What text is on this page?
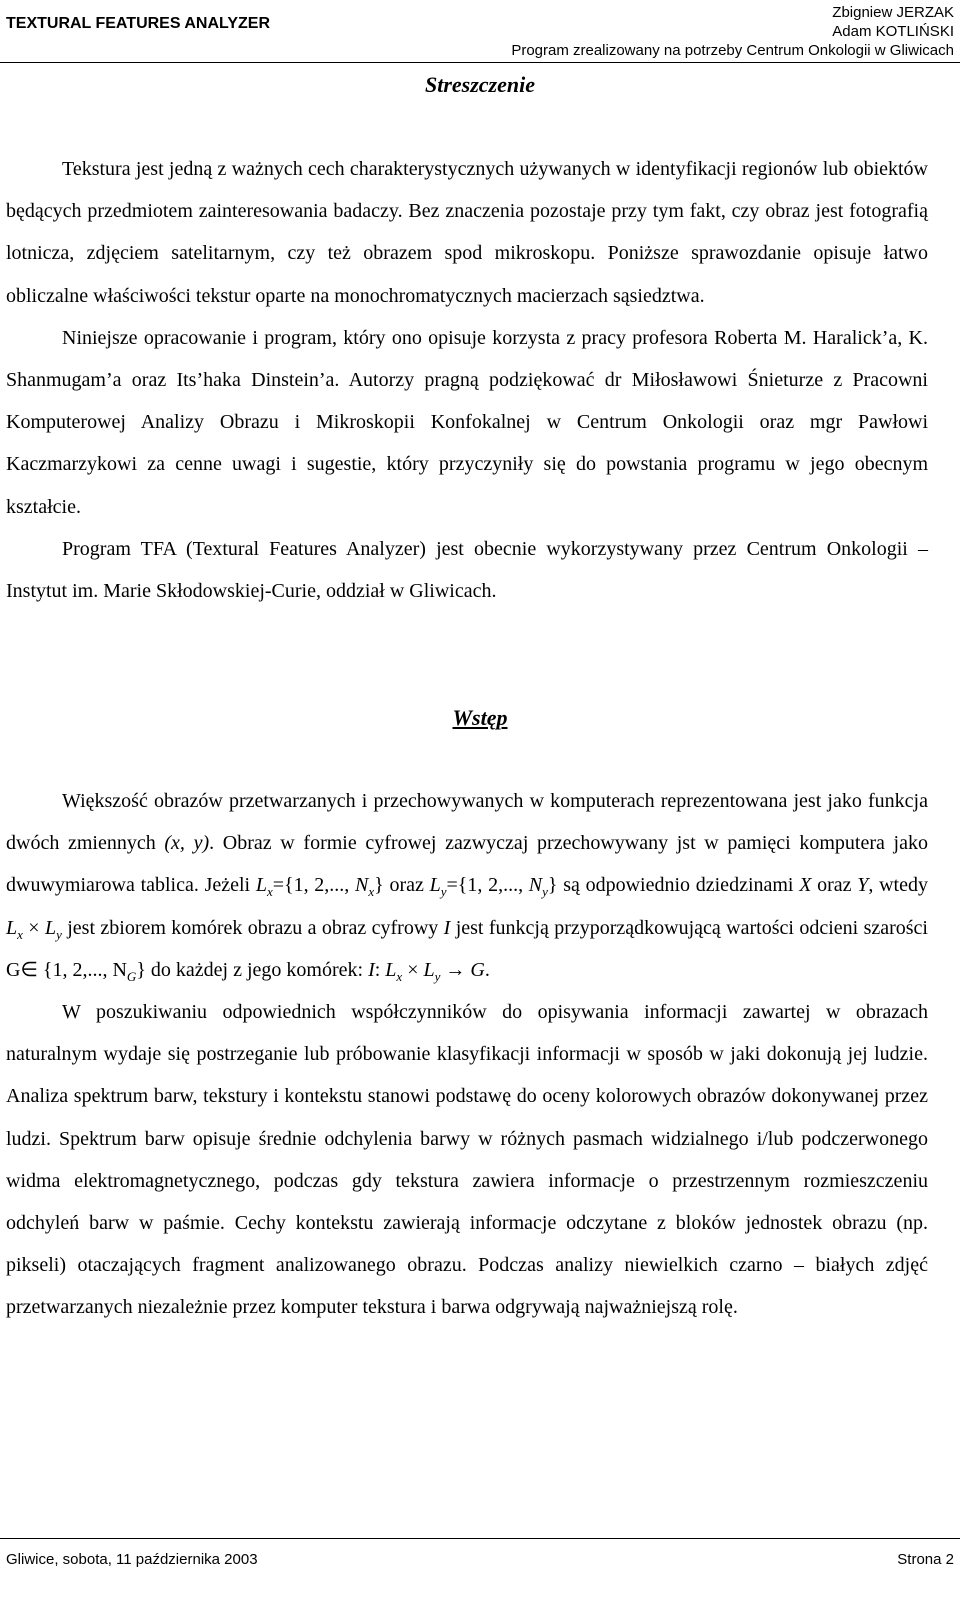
TEXTURAL FEATURES ANALYZER
Zbigniew JERZAK
Adam KOTLIŃSKI
Program zrealizowany na potrzeby Centrum Onkologii w Gliwicach
Streszczenie

Tekstura jest jedną z ważnych cech charakterystycznych używanych w identyfikacji regionów lub obiektów będących przedmiotem zainteresowania badaczy. Bez znaczenia pozostaje przy tym fakt, czy obraz jest fotografią lotnicza, zdjęciem satelitarnym, czy też obrazem spod mikroskopu. Poniższe sprawozdanie opisuje łatwo obliczalne właściwości tekstur oparte na monochromatycznych macierzach sąsiedztwa.

Niniejsze opracowanie i program, który ono opisuje korzysta z pracy profesora Roberta M. Haralick’a, K. Shanmugam’a oraz Its’haka Dinstein’a. Autorzy pragną podziękować dr Miłosławowi Śnieturze z Pracowni Komputerowej Analizy Obrazu i Mikroskopii Konfokalnej w Centrum Onkologii oraz mgr Pawłowi Kaczmarzykowi za cenne uwagi i sugestie, który przyczyniły się do powstania programu w jego obecnym kształcie.

Program TFA (Textural Features Analyzer) jest obecnie wykorzystywany przez Centrum Onkologii – Instytut im. Marie Skłodowskiej-Curie, oddział w Gliwicach.

Wstęp

Większość obrazów przetwarzanych i przechowywanych w komputerach reprezentowana jest jako funkcja dwóch zmiennych (x, y). Obraz w formie cyfrowej zazwyczaj przechowywany jst w pamięci komputera jako dwuwymiarowa tablica. Jeżeli $L_x=\{1$, 2,..., $N_x$} oraz $L_y=\{1$, 2,..., $N_y$} są odpowiednio dziedzinami X oraz Y, wtedy $L_x \times L_y$ jest zbiorem komórek obrazu a obraz cyfrowy I jest funkcją przyporządkowującą wartości odcieni szarości G∈ {1, 2,..., $N_G$} do każdej z jego komórek: I: $L_x \times L_y \to G$.

W poszukiwaniu odpowiednich współczynników do opisywania informacji zawartej w obrazach naturalnym wydaje się postrzeganie lub próbowanie klasyfikacji informacji w sposób w jaki dokonują jej ludzie. Analiza spektrum barw, tekstury i kontekstu stanowi podstawę do oceny kolorowych obrazów dokonywanej przez ludzi. Spektrum barw opisuje średnie odchylenia barwy w różnych pasmach widzialnego i/lub podczerwonego widma elektromagnetycznego, podczas gdy tekstura zawiera informacje o przestrzennym rozmieszczeniu odchyleń barw w paśmie. Cechy kontekstu zawierają informacje odczytane z bloków jednostek obrazu (np. pikseli) otaczających fragment analizowanego obrazu. Podczas analizy niewielkich czarno – białych zdjęć przetwarzanych niezależnie przez komputer tekstura i barwa odgrywają najważniejszą rolę.

Gliwice, sobota, 11 października 2003	Strona 2
